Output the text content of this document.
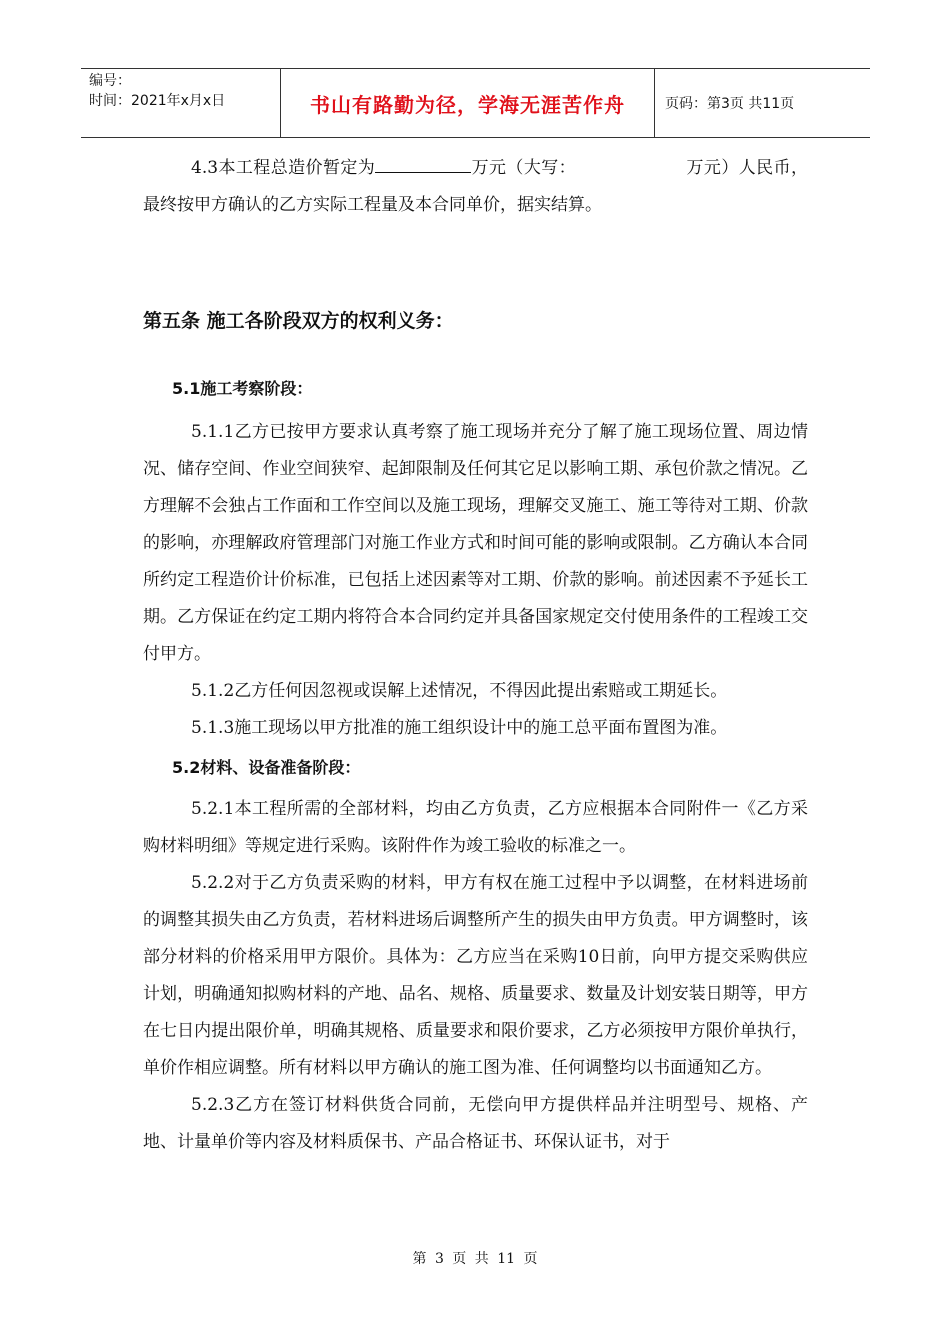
编号：
时间：2021年x月x日	书山有路勤为径，学海无涯苦作舟	页码：第3页 共11页

4.3本工程总造价暂定为	万元（大写：	万元）人民币，最终按甲方确认的乙方实际工程量及本合同单价，据实结算。

第五条 施工各阶段双方的权利义务：
5.1施工考察阶段：

5.1.1乙方已按甲方要求认真考察了施工现场并充分了解了施工现场位置、周边情况、储存空间、作业空间狭窄、起卸限制及任何其它足以影响工期、承包价款之情况。乙方理解不会独占工作面和工作空间以及施工现场，理解交叉施工、施工等待对工期、价款的影响，亦理解政府管理部门对施工作业方式和时间可能的影响或限制。乙方确认本合同所约定工程造价计价标准，已包括上述因素等对工期、价款的影响。前述因素不予延长工期。乙方保证在约定工期内将符合本合同约定并具备国家规定交付使用条件的工程竣工交付甲方。

5.1.2乙方任何因忽视或误解上述情况，不得因此提出索赔或工期延长。

5.1.3施工现场以甲方批准的施工组织设计中的施工总平面布置图为准。

5.2材料、设备准备阶段：

5.2.1本工程所需的全部材料，均由乙方负责，乙方应根据本合同附件一《乙方采购材料明细》等规定进行采购。该附件作为竣工验收的标准之一。

5.2.2对于乙方负责采购的材料，甲方有权在施工过程中予以调整，在材料进场前的调整其损失由乙方负责，若材料进场后调整所产生的损失由甲方负责。甲方调整时，该部分材料的价格采用甲方限价。具体为：乙方应当在采购10日前，向甲方提交采购供应计划，明确通知拟购材料的产地、品名、规格、质量要求、数量及计划安装日期等，甲方在七日内提出限价单，明确其规格、质量要求和限价要求，乙方必须按甲方限价单执行，单价作相应调整。所有材料以甲方确认的施工图为准、任何调整均以书面通知乙方。

5.2.3乙方在签订材料供货合同前，无偿向甲方提供样品并注明型号、规格、产地、计量单价等内容及材料质保书、产品合格证书、环保认证书，对于

第 3 页 共 11 页
